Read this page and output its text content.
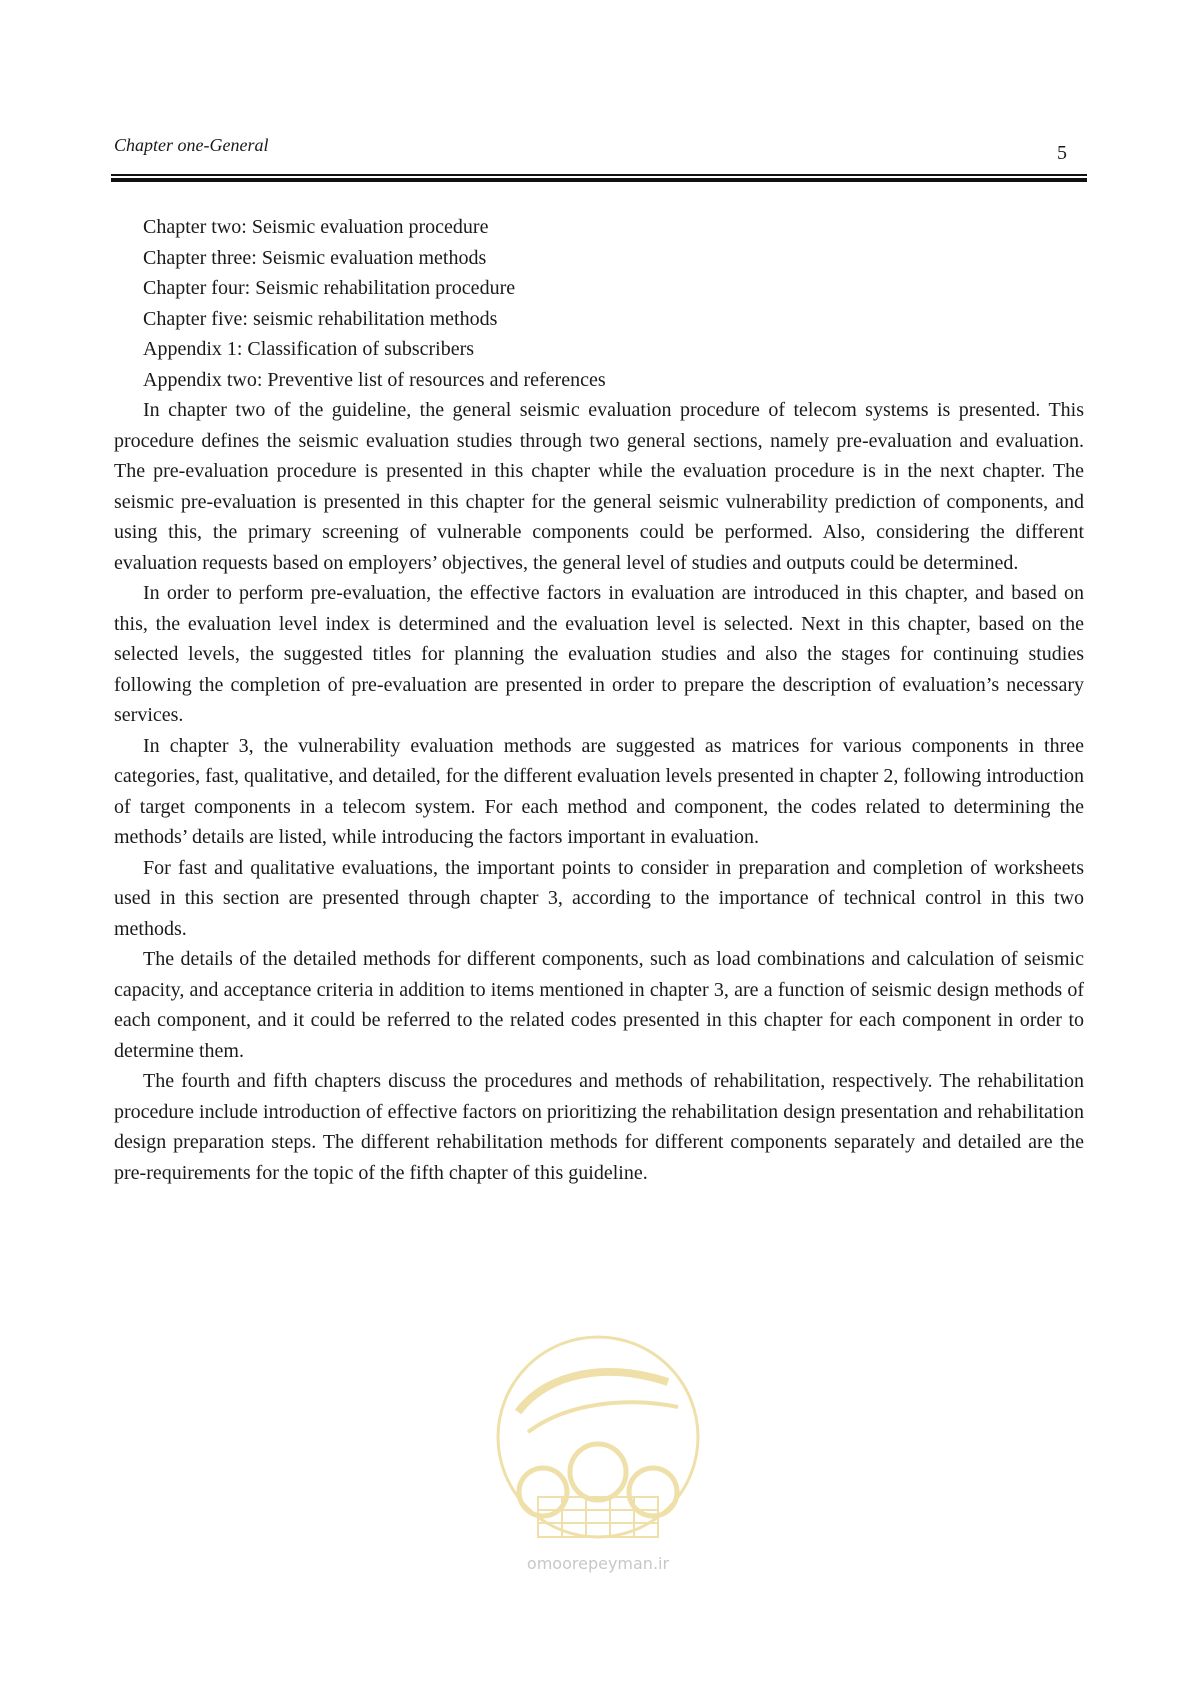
Chapter one-General	5

Chapter two: Seismic evaluation procedure

Chapter three: Seismic evaluation methods

Chapter four: Seismic rehabilitation procedure

Chapter five: seismic rehabilitation methods

Appendix 1: Classification of subscribers

Appendix two: Preventive list of resources and references

In chapter two of the guideline, the general seismic evaluation procedure of telecom systems is presented. This procedure defines the seismic evaluation studies through two general sections, namely pre-evaluation and evaluation. The pre-evaluation procedure is presented in this chapter while the evaluation procedure is in the next chapter. The seismic pre-evaluation is presented in this chapter for the general seismic vulnerability prediction of components, and using this, the primary screening of vulnerable components could be performed. Also, considering the different evaluation requests based on employers’ objectives, the general level of studies and outputs could be determined.

In order to perform pre-evaluation, the effective factors in evaluation are introduced in this chapter, and based on this, the evaluation level index is determined and the evaluation level is selected. Next in this chapter, based on the selected levels, the suggested titles for planning the evaluation studies and also the stages for continuing studies following the completion of pre-evaluation are presented in order to prepare the description of evaluation’s necessary services.

In chapter 3, the vulnerability evaluation methods are suggested as matrices for various components in three categories, fast, qualitative, and detailed, for the different evaluation levels presented in chapter 2, following introduction of target components in a telecom system. For each method and component, the codes related to determining the methods’ details are listed, while introducing the factors important in evaluation.

For fast and qualitative evaluations, the important points to consider in preparation and completion of worksheets used in this section are presented through chapter 3, according to the importance of technical control in this two methods.

The details of the detailed methods for different components, such as load combinations and calculation of seismic capacity, and acceptance criteria in addition to items mentioned in chapter 3, are a function of seismic design methods of each component, and it could be referred to the related codes presented in this chapter for each component in order to determine them.

The fourth and fifth chapters discuss the procedures and methods of rehabilitation, respectively. The rehabilitation procedure include introduction of effective factors on prioritizing the rehabilitation design presentation and rehabilitation design preparation steps. The different rehabilitation methods for different components separately and detailed are the pre-requirements for the topic of the fifth chapter of this guideline.

omoorepeyman.ir
